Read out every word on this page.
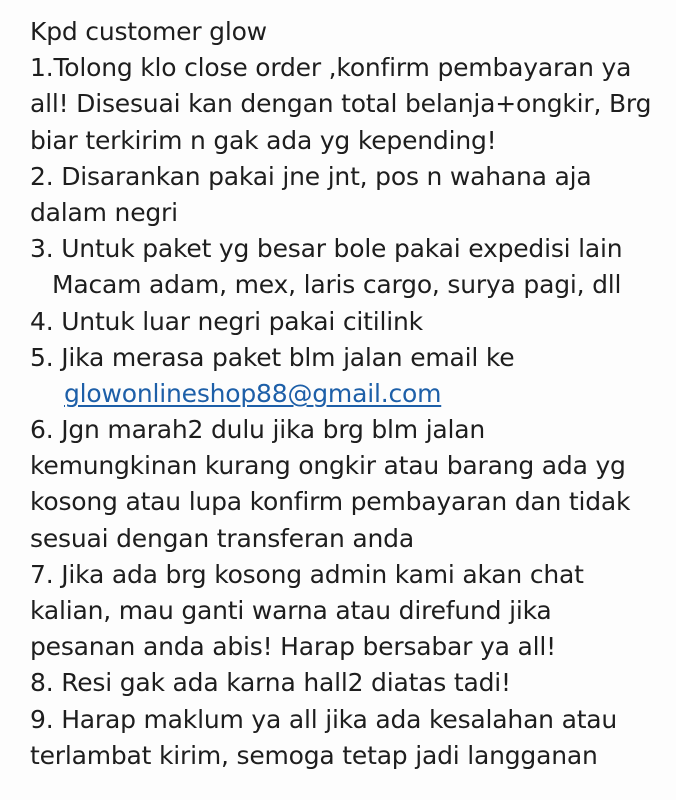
Kpd customer glow
1.Tolong klo close order ,konfirm pembayaran ya
all! Disesuai kan dengan total belanja+ongkir, Brg
biar terkirim n gak ada yg kepending!
2. Disarankan pakai jne jnt, pos n wahana aja
dalam negri
3. Untuk paket yg besar bole pakai expedisi lain
Macam adam, mex, laris cargo, surya pagi, dll
4. Untuk luar negri pakai citilink
5. Jika merasa paket blm jalan email ke
glowonlineshop88@gmail.com
6. Jgn marah2 dulu jika brg blm jalan
kemungkinan kurang ongkir atau barang ada yg
kosong atau lupa konfirm pembayaran dan tidak
sesuai dengan transferan anda
7. Jika ada brg kosong admin kami akan chat
kalian, mau ganti warna atau direfund jika
pesanan anda abis! Harap bersabar ya all!
8. Resi gak ada karna hall2 diatas tadi!
9. Harap maklum ya all jika ada kesalahan atau
terlambat kirim, semoga tetap jadi langganan
